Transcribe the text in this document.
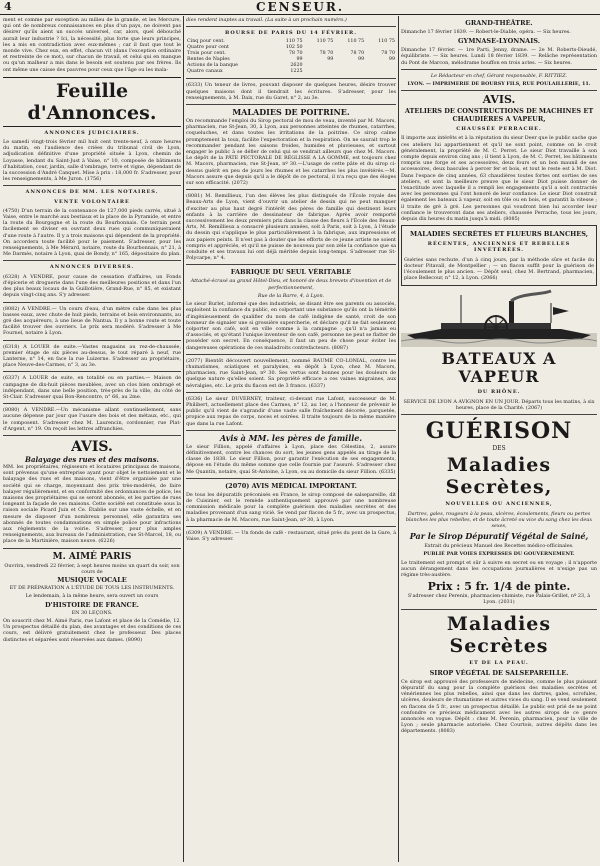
4	CENSEUR.

ment et comme par exception au milieu de la grande, et les Mercure, qui ont de nombreux connaissances en plus d'un pays, ne doivent pas désirer qu'ils aient un succès universel, car, alors, quel débouché aurait leur industrie ? Ici, la nécessité, plus forte que leurs principes, les a mis en contradiction avec eux-mêmes ; car il faut que tout le monde vive. Chez eux, en effet, chacun vit (dans l'exception ordinaire et restreinte de ce mot), sur chacun de travail, et celui qui en manque ou qu'un malheur a mis dans le besoin est soutenu par ses frères. Ils ont même une caisse des pauvres pour ceux que l'âge ou les mala-

Feuille d'Annonces.
ANNONCES JUDICIAIRES.

Le samedi vingt-trois février mil huit cent trente-neuf, à onze heures du matin, en l'audience des criées du tribunal civil de Lyon, adjudication définitive d'une propriété située à Lyon, chemin de Loyasse, lendant du Saint-Just à Vaise, n° 10, composée de bâtiments d'habitation, cour, jardin, salle d'ombrage, terre et vigne, dépendant de la succession d'André Canquet. Mise à prix : 18,000 fr. S'adresser, pour les renseignements, à Me Juron. (1756)

ANNONCES DE MM. LES NOTAIRES.
VENTE VOLONTAIRE

(4750) D'un terrain de la contenance de 127,000 pieds carrés, situé à Vaise, entre le marché aux bestiaux et la place de la Pyramide, et entre la route du Bourgogne et la route du Bourbonnais. Ce terrain peut facilement se diviser en ouvrant deux rues qui communiqueraient d'une route à l'autre. Il y a trois maisons qui dépendent de la propriété. On accordera toute facilité pour le paiement. S'adresser, pour les renseignements, à Me Mérard, notaire, route du Bourbonnais, n° 21, à Me Darmès, notaire à Lyon, quai de Bondy, n° 165, dépositaire du plan.

ANNONCES DIVERSES.

(6328) A VENDRE, pour cause de cessation d'affaires, un Fonds d'épicerie et droguerie dans l'une des meilleures positions et dans l'un des plus beaux locaux de la Guillotière, Grand-Rue, n° 85, et existant depuis vingt-cinq ans. S'y adresser.

(8082) A VENDRE.— Un cours d'eau, d'un mètre cube dans les plus basses eaux, avec chute de huit pieds, terrains et bois environnants, au gré des acquéreurs, à une lieue de Nantua. Il y a bonne route et toute facilité trouver des ouvriers. Le prix sera modéré. S'adresser à Me Fournel, notaire à Lyon.

(6318) A LOUER de suite.—Vastes magasins au rez-de-chaussée, premier étage de six pièces au-dessus, le tout réparé à neuf, rue Lanterne, n° 14, en face la rue Luizerne. S'adresser au propriétaire, place Neuve-des-Carmes, n° 3, au 3e.

(6337) A LOUER de suite, en totalité ou en parties.— Maison de campagne de dix-huit pièces meublées, avec un clos bien ombragé et indépendant, dans une belle position, très-près de la ville, du côté de St-Clair. S'adresser quai Bon-Rencontre, n° 66, au 2me.

(8080) A VENDRE.—Un mécanisme allant continuellement, sans aucune dépense par jour que l'usure des bois et des métaux, etc., qui le composent. S'adresser chez M. Laurencin, cordonnier, rue Plat-d'Argent, n° 19. On reçoit les lettres affranchies.

AVIS.
Balayage des rues et des maisons.

MM. les propriétaires, régisseurs et locataires principaux de maisons, sont prévenus qu'une entreprise ayant pour objet le nettoiement et le balayage des rues et des maisons, vient d'être organisée par une société qui se charge, moyennant des prix très-modérés, de faire balayer régulièrement, et en conformité des ordonnances de police, les maisons des propriétaires qui se seront abonnés, et les parties de rues longeant la façade de ces maisons. Cette société est constituée sous la raison sociale Picard Juin et Ce. Établie sur une vaste échelle, et en mesure de disposer d'un nombreux personnel, elle garantira ses abonnés de toutes condamnations en simple police pour infractions aux règlements de la voirie. S'adresser, pour plus amples renseignements, aux bureaux de l'administration, rue St-Marcel, 18, ou place de la Martinière, maison neuve. (6226)

M. AIMÉ PARIS

Ouvrira, vendredi 22 février, à sept heures moins un quart du soir, son cours de

MUSIQUE VOCALE

ET DE PRÉPARATION A L'ÉTUDE DE TOUS LES INSTRUMENTS.

Le lendemain, à la même heure, sera ouvert un cours

D'HISTOIRE DE FRANCE.

EN 30 LEÇONS.

On souscrit chez M. Aimé Paris, rue Lafont et place de la Comédie, 12. Un prospectus détaillé du plan, des avantages et des conditions de ces cours, est délivré gratuitement chez le professeur. Des places distinctes et séparées sont réservées aux dames. (8090)

dies rendent inaptes au travail. (La suite à un prochain numéro.)

BOURSE DE PARIS DU 14 FÉVRIER.
Cinq pour cent.	110 75	110 75	110 75	110 75
Quatre pour cent	102 50			
Trois pour cent.	78 70	78 70	78 70	78 70
Rentes de Naples	99	99	99	99
Actions de la banque	2620			
Quatre canaux	1225			

(6333) Un teneur de livres, pouvant disposer de quelques heures, désire trouver quelques maisons dont il tiendrait les écritures. S'adresser, pour les renseignements, à M. Daix, rue du Garet, n° 2, au 3e.

MALADIES DE POITRINE.

On recommande l'emploi du Sirop pectoral de mou de veau, inventé par M. Macors, pharmacien, rue St-Jean, 30, à Lyon, aux personnes atteintes de rhumes, catarrhes, coqueluches, et dans toutes les irritations de la poitrine. Ce sirop calme promptement la toux, facilite l'expectoration et la respiration. On ne saurait trop le recommander pendant les saisons froides, humides et pluvieuses, et surtout engager le public à se défier de celui qui se vendrait ailleurs que chez M. Macors. Le dépôt de la PÂTE PECTORALE DE RÉGLISSE A LA GOMME, est toujours chez M. Macors, pharmacien, rue St-Jean, nº 30.—L'usage de cette pâte et du sirop ci-dessus guérit en peu de jours les rhumes et les catarrhes les plus invétérés.—M. Macors assure que depuis qu'il a le dépôt de ce pectoral, il n'a reçu que des éloges sur son efficacité. (2072)

(8081) M. Remillieux, l'un des élèves les plus distingués de l'École royale des Beaux-Arts de Lyon, vient d'ouvrir un atelier de dessin qui ne peut manquer d'exciter au plus haut degré l'intérêt des pères de famille qui destinent leurs enfants à la carrière de dessinateur de fabrique. Après avoir remporté successivement les deux premiers prix dans la classe des fleurs à l'École des Beaux-Arts, M. Remillieux a consacré plusieurs années, soit à Paris, soit à Lyon, à l'étude du dessin qui s'applique le plus particulièrement à la fabrique, aux impressions et aux papiers peints. Il n'est pas à douter que les efforts de ce jeune artiste ne soient compris et appréciés, et qu'il ne puisse de nouveau par son zèle la confiance que sa conduite et ses travaux lui ont déjà méritée depuis long-temps. S'adresser rue St-Polycarpe, n° 4.

FABRIQUE DU SEUL VÉRITABLE

Attaché-écrasé au grand Hôtel-Dieu, et honoré de deux brevets d'invention et de perfectionnement,

Rue de la Barre, 4, à Lyon.

Le sieur Burlet, informé que des industriels, se disant être ses parents ou associés, exploitent la confiance du public, en colportant une substance qu'ils ont la témérité d'ingénieusement de qualifier du nom de café indigène de santé, croit de son honneur de signaler une si grossière supercherie, et déclare qu'il ne fait seulement colporter son café, soit en ville comme à la campagne ; qu'il n'a jamais eu d'associés, et qu'étant l'unique inventeur de son café, personne ne peut se flatter de posséder son secret. En conséquence, il faut un peu de chose pour éviter les dangereuses opérations de ces maladroits contrefacteurs. (8087)

(2077) Bientôt découvert nouvellement, nommé BAUME CO-LONIAL, contre les rhumatismes, sciatiques et paralysies, en dépôt à Lyon, chez M. Macors, pharmacien, rue Saint-Jean, nº 30. Ses vertus sont bonnes pour les douleurs de quelque nature qu'elles soient. Sa propriété efficace a ces vaines migraines, aux névralgies, etc. Le prix du flacon est de 3 francs. (6337)

(6336) Le sieur DUVERNEY, traiteur, ci-devant rue Lafont, successeur de M. Philibert, actuellement place des Carmes, n° 12, au 1er, a l'honneur de prévenir le public qu'il vient de s'agrandir d'une vaste salle fraîchement décorée, parquetée, propice aux repas de corps, noces et soirées. Il traite toujours de la même manière que dans la rue Lafont.

Avis à MM. les pères de famille.

Le sieur Fillion, appelé d'affaires à Lyon, place des Célestins, 2, assure définitivement, contre les chances du sort, les jeunes gens appelés au tirage de la classe de 1838. Le sieur Fillion, pour garantir l'exécution de ses engagements, dépose en l'étude du même somme que celle fournie par l'assuré. S'adresser chez Me Quantin, notaire, quai St-Antoine, à Lyon, ou au domicile du sieur Fillion. (6335)

(2070) AVIS MÉDICAL IMPORTANT.

De tous les dépuratifs préconisés en France, le sirop composé de salsepareille, dit de Cuisinier, est le remède authentiquement approuvé par une nombreuse commission médicale pour la complète guérison des maladies secrètes et des maladies provenant d'un sang vicié. Se vend par flacon de 5 fr., avec un prospectus, à la pharmacie de M. Macors, rue Saint-Jean, nº 30, à Lyon.

(6309) A VENDRE. — Un fonds de café - restaurant, situé près du pont de la Gare, à Vaise. S'y adresser.

GRAND-THÉÂTRE.

Dimanche 17 février 1839. — Robert-le-Diable, opéra. — Six heures.

GYMNASE-LYONNAIS.

Dimanche 17 février. — 1re Parti, Jenny, drame. — 2e M. Roberts-Dieudé, équilibriste. — Six heures. Lundi 18 février 1839. — Relâche représentation du Pont de Marcon, mélodrame bouffon en trois actes. — Six heures.

Le Rédacteur en chef, Gérant responsable, F. RITTIEZ.

LYON. — IMPRIMERIE DE BOURSY FILS, RUE POULAILLERIE, 11.

AVIS.
ATELIERS DE CONSTRUCTIONS DE MACHINES ET CHAUDIÈRES A VAPEUR,
CHAUSSÉE PERRACHE.

Il importe aux intérêts et à la réputation du sieur Deer que le public sache que ces ateliers lui appartiennent et qu'il ne sont point, comme on le croit généralement, la propriété de M. C. Perret. Le sieur Diot travaille à son compte depuis environ cinq ans ; il tient à Lyon, de M. C. Perret, les bâtiments rompris une forge et ses accessoires, deux fours et un bon maunil de ses accessoires, deux bascules à percer fer et bois, et tout le reste est à M. Diot. Dans l'espace de cinq années, 63 chaudières toutes fortes ont sorties de ses ateliers, et sont la meilleure preuve que le sieur Diot puisse donner de l'exactitude avec laquelle il a rempli les engagements qu'il a soit contractés avec les personnes qui l'ont honoré de leur confiance. Le sieur Diot construit également les bateaux à vapeur, soit en tôle ou en bois, et garantit la vitesse ; il traite de gré à gré. Les personnes qui voudront bien lui accorder leur confiance le trouveront dans ses ateliers, chaussée Perrache, tous les jours, depuis dix heures du matin jusqu'à midi. (8085)

MALADIES SECRÈTES ET FLUEURS BLANCHES,
RÉCENTES, ANCIENNES ET REBELLES INVÉTÉRÉES.

Guéries sans rechute, d'un à cinq jours, par la méthode sûre et facile du docteur Pitavall, de Montpellier ; — un flacon suffit pour la guérison de l'écoulement le plus ancien. — Dépôt seul, chez M. Bertrand, pharmacien, place Bellecour, n° 12, à Lyon. (2066)

BATEAUX A VAPEUR
DU RHÔNE.

SERVICE DE LYON A AVIGNON EN UN JOUR. Départs tous les matins, à six heures, place de la Charité. (2067)

GUÉRISON
DES
Maladies Secrètes,
NOUVELLES OU ANCIENNES,

Dartres, gales, rougeurs à la peau, ulcères, écoulements, fleurs ou pertes blanches les plus rebelles, et de toute âcreté ou vice du sang chez les deux sexes,

Par le Sirop Dépuratif Végétal de Sainé,

Extrait du précieux Manuel des Recettes médico-officinales.

PUBLIÉ PAR VOIES EXPRESSES DU GOUVERNEMENT.

Le traitement est prompt et sûr à suivre en secret ou en voyage ; il n'apporte aucun dérangement dans les occupations journalières et n'exige pas un régime très-austère.

Prix : 5 fr. 1/4 de pinte.

S'adresser chez Perenin, pharmacien-chimiste, rue Palais-Grillet, nº 23, à Lyon. (2031)

Maladies Secrètes
ET DE LA PEAU.
SIROP VÉGÉTAL DE SALSEPAREILLE.

Ce sirop est approuvé des professeurs de médecine, comme le plus puissant dépuratif du sang pour la complète guérison des maladies secrètes et vénériennes les plus rebelles, ainsi que dans les dartres, gales, scrofules, ulcères, douleurs de rhumatisme et autres vices du sang. Il se vend seulement en flacons de 5 fr., avec un prospectus détaillé. Le public est prié de ne point confondre ce précieux médicament avec les autres sirops de ce genre annoncés en vogue. Dépôt : chez M. Perenin, pharmacien, pour la ville de Lyon ; seule pharmacie autorisée. Chez Courtois, autres dépôts dans les départements. (8083)
